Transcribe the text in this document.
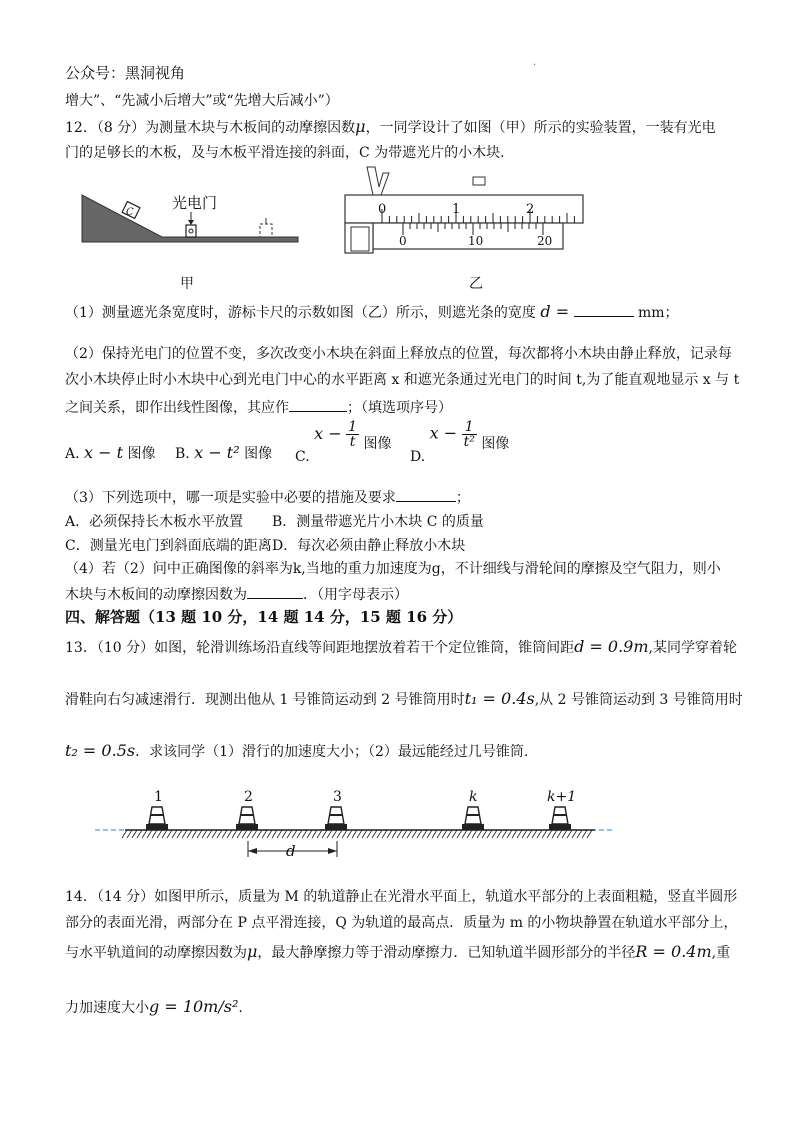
公众号：黑洞视角	·
增大”、“先减小后增大”或“先增大后减小”）
12．（8 分）为测量木块与木板间的动摩擦因数μ，一同学设计了如图（甲）所示的实验装置，一装有光电
门的足够长的木板，及与木板平滑连接的斜面，C 为带遮光片的小木块.
C
光电门
甲
0	1	2
0	10	20
乙
（1）测量遮光条宽度时，游标卡尺的示数如图（乙）所示，则遮光条的宽度 d =	mm；
（2）保持光电门的位置不变，多次改变小木块在斜面上释放点的位置，每次都将小木块由静止释放，记录每
次小木块停止时小木块中心到光电门中心的水平距离 x 和遮光条通过光电门的时间 t,为了能直观地显示 x 与 t
之间关系，即作出线性图像，其应作	；（填选项序号）
A. x − t 图像 B. x − t² 图像 C. $x - \frac{1}{t}$ 图像
D. $x - \frac{1}{\text{t²}}$ 图像
（3）下列选项中，哪一项是实验中必要的措施及要求	；
A．必须保持长木板水平放置 B．测量带遮光片小木块 C 的质量
C．测量光电门到斜面底端的距离 D．每次必须由静止释放小木块
（4）若（2）问中正确图像的斜率为k,当地的重力加速度为g，不计细线与滑轮间的摩擦及空气阻力，则小
木块与木板间的动摩擦因数为	．（用字母表示）
四、解答题（13 题 10 分，14 题 14 分，15 题 16 分）
13．（10 分）如图，轮滑训练场沿直线等间距地摆放着若干个定位锥筒，锥筒间距d = 0.9m,某同学穿着轮
滑鞋向右匀减速滑行．现测出他从 1 号锥筒运动到 2 号锥筒用时t₁ = 0.4s,从 2 号锥筒运动到 3 号锥筒用时
t₂ = 0.5s．求该同学（1）滑行的加速度大小；（2）最远能经过几号锥筒.
d
1	2	3	k	k+1
14．（14 分）如图甲所示，质量为 M 的轨道静止在光滑水平面上，轨道水平部分的上表面粗糙，竖直半圆形
部分的表面光滑，两部分在 P 点平滑连接，Q 为轨道的最高点．质量为 m 的小物块静置在轨道水平部分上，
与水平轨道间的动摩擦因数为μ，最大静摩擦力等于滑动摩擦力．已知轨道半圆形部分的半径R = 0.4m,重
力加速度大小g = 10m/s².
